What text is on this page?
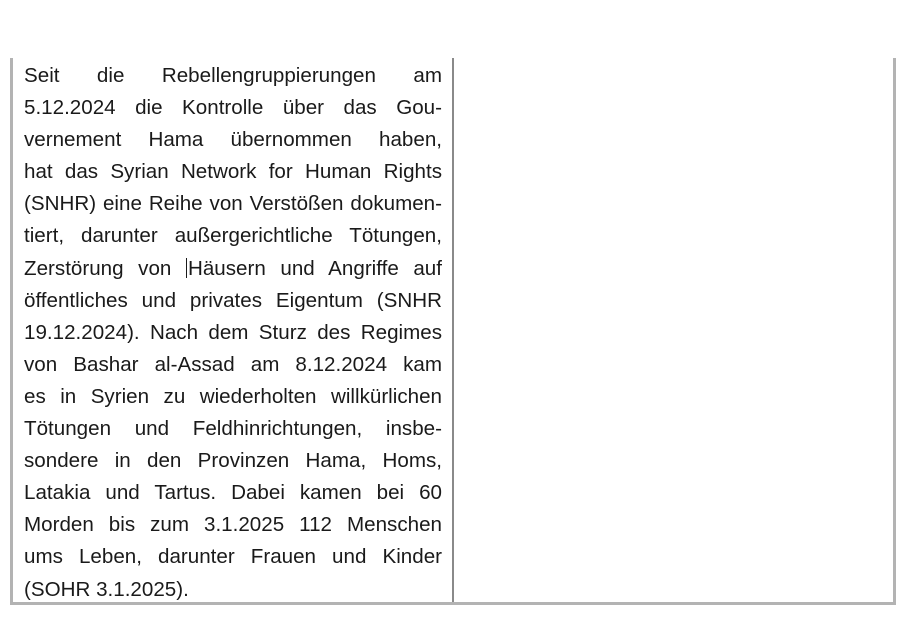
Seit die Rebellengruppierungen am
5.12.2024 die Kontrolle über das Gou-
vernement Hama übernommen haben,
hat das Syrian Network for Human Rights
(SNHR) eine Reihe von Verstößen dokumen-
tiert, darunter außergerichtliche Tötungen,
Zerstörung von Häusern und Angriffe auf
öffentliches und privates Eigentum (SNHR
19.12.2024). Nach dem Sturz des Regimes
von Bashar al-Assad am 8.12.2024 kam
es in Syrien zu wiederholten willkürlichen
Tötungen und Feldhinrichtungen, insbe-
sondere in den Provinzen Hama, Homs,
Latakia und Tartus. Dabei kamen bei 60
Morden bis zum 3.1.2025 112 Menschen
ums Leben, darunter Frauen und Kinder
(SOHR 3.1.2025).
